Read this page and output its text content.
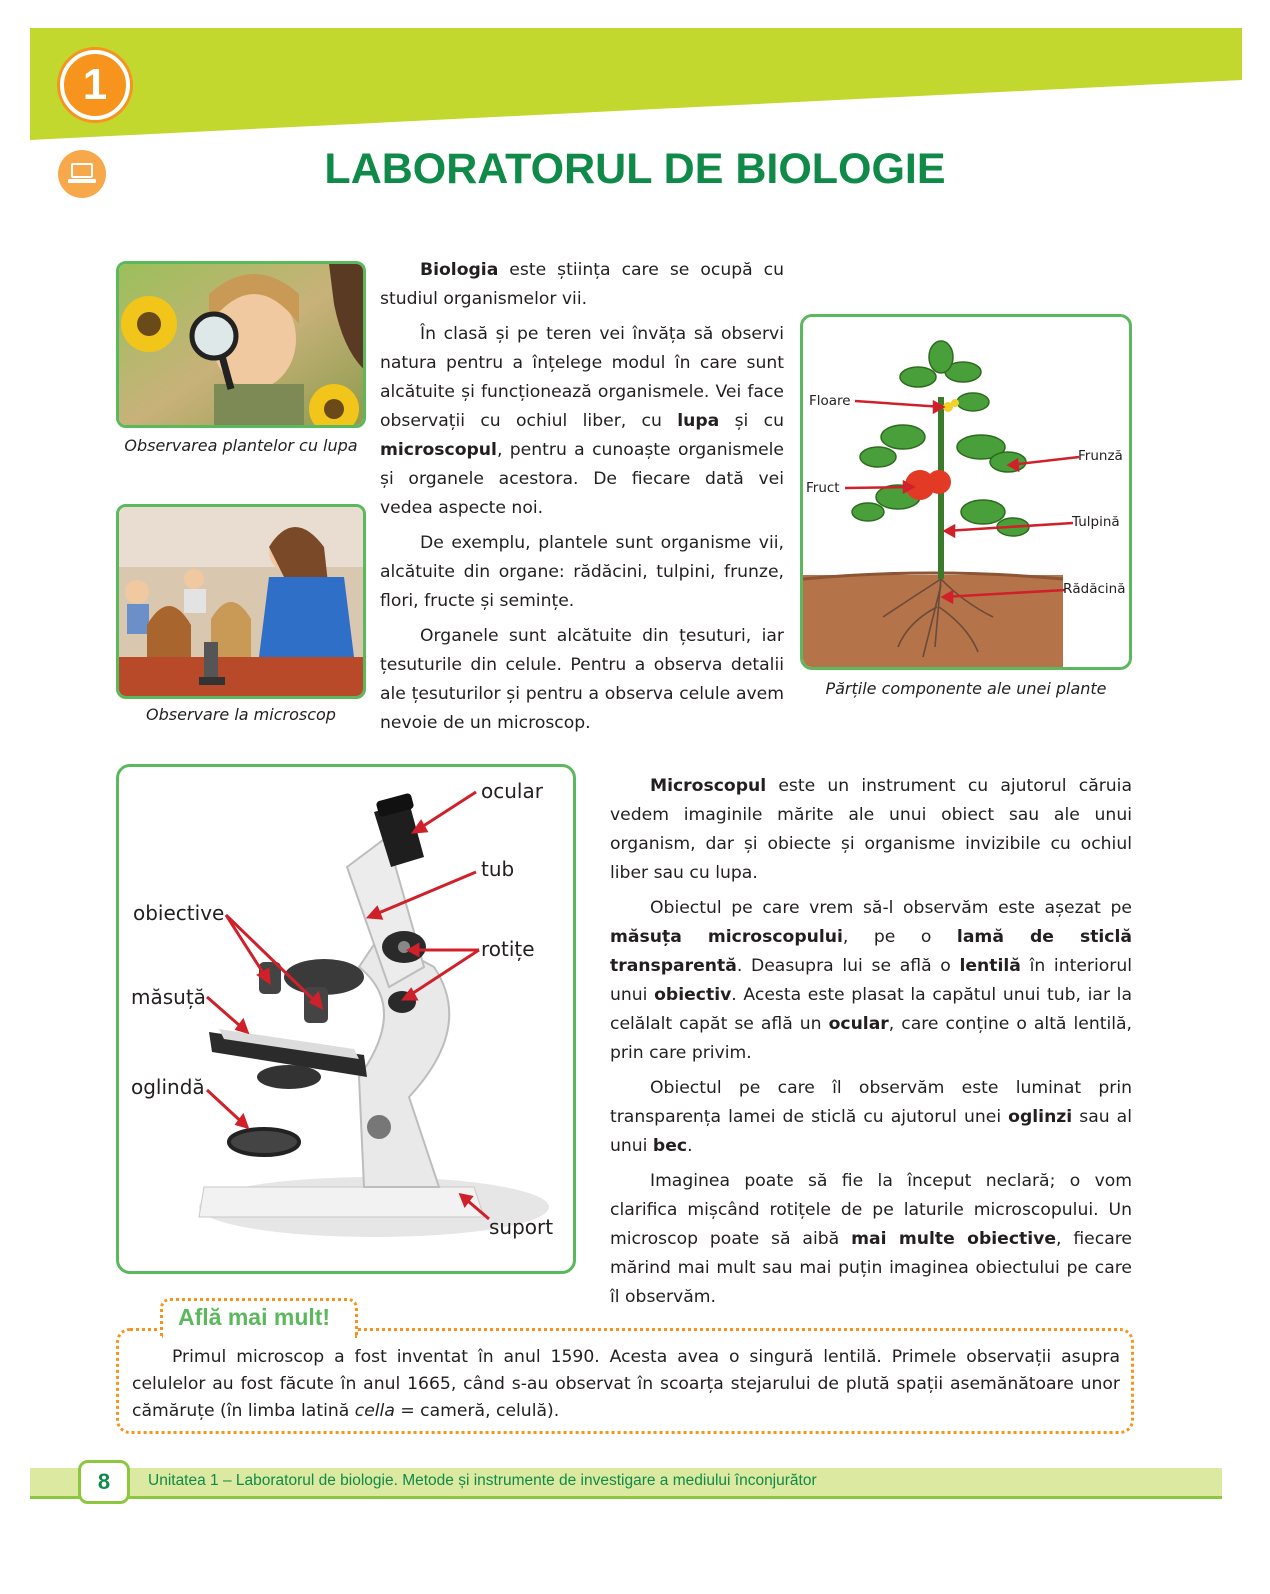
1
LABORATORUL DE BIOLOGIE
Observarea plantelor cu lupa
Observare la microscop

Biologia este știința care se ocupă cu studiul organismelor vii.

În clasă și pe teren vei învăța să observi natura pentru a înțelege modul în care sunt alcătuite și funcționează organismele. Vei face observații cu ochiul liber, cu lupa și cu microscopul, pentru a cunoaște organismele și organele acestora. De fiecare dată vei vedea aspecte noi.

De exemplu, plantele sunt organisme vii, alcătuite din organe: rădăcini, tulpini, frunze, flori, fructe și semințe.

Organele sunt alcătuite din țesuturi, iar țesuturile din celule. Pentru a observa detalii ale țesuturilor și pentru a observa celule avem nevoie de un microscop.

Floare
Frunză
Fruct
Tulpină
Rădăcină
Părțile componente ale unei plante
ocular
tub
obiective
rotițe
măsuță
oglindă
suport

Microscopul este un instrument cu ajutorul căruia vedem imaginile mărite ale unui obiect sau ale unui organism, dar și obiecte și organisme invizibile cu ochiul liber sau cu lupa.

Obiectul pe care vrem să-l observăm este așezat pe măsuța microscopului, pe o lamă de sticlă transparentă. Deasupra lui se află o lentilă în interiorul unui obiectiv. Acesta este plasat la capătul unui tub, iar la celălalt capăt se află un ocular, care conține o altă lentilă, prin care privim.

Obiectul pe care îl observăm este luminat prin transparența lamei de sticlă cu ajutorul unei oglinzi sau al unui bec.

Imaginea poate să fie la început neclară; o vom clarifica mișcând rotițele de pe laturile microscopului. Un microscop poate să aibă mai multe obiective, fiecare mărind mai mult sau mai puțin imaginea obiectului pe care îl observăm.

Află mai mult!
Primul microscop a fost inventat în anul 1590. Acesta avea o singură lentilă. Primele observații asupra celulelor au fost făcute în anul 1665, când s-au observat în scoarța stejarului de plută spații asemănătoare unor cămăruțe (în limba latină cella = cameră, celulă).
8	Unitatea 1 – Laboratorul de biologie. Metode și instrumente de investigare a mediului înconjurător
